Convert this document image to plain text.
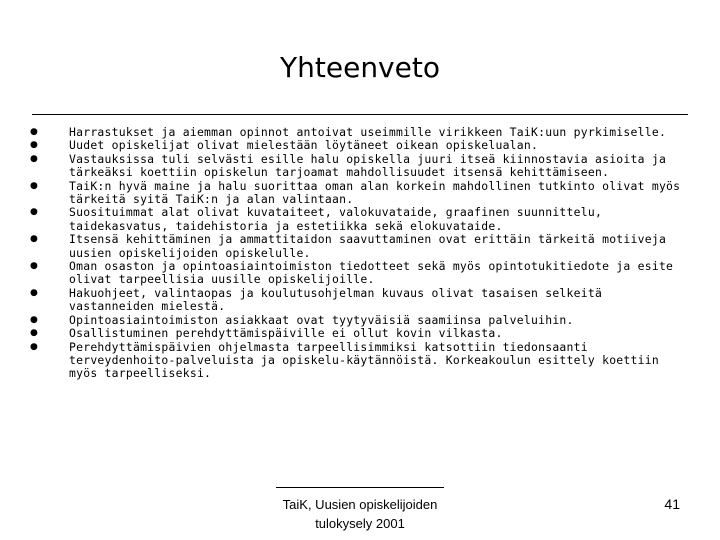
Yhteenveto
●	Harrastukset ja aiemman opinnot antoivat useimmille virikkeen TaiK:uun pyrkimiselle.
●	Uudet opiskelijat olivat mielestään löytäneet oikean opiskelualan.
●	Vastauksissa tuli selvästi esille halu opiskella juuri itseä kiinnostavia asioita ja tärkeäksi koettiin opiskelun tarjoamat mahdollisuudet itsensä kehittämiseen.
●	TaiK:n hyvä maine ja halu suorittaa oman alan korkein mahdollinen tutkinto olivat myös tärkeitä syitä TaiK:n ja alan valintaan.
●	Suosituimmat alat olivat kuvataiteet, valokuvataide, graafinen suunnittelu, taidekasvatus, taidehistoria ja estetiikka sekä elokuvataide.
●	Itsensä kehittäminen ja ammattitaidon saavuttaminen ovat erittäin tärkeitä motiiveja uusien opiskelijoiden opiskelulle.
●	Oman osaston ja opintoasiaintoimiston tiedotteet sekä myös opintotukitiedote ja esite olivat tarpeellisia uusille opiskelijoille.
●	Hakuohjeet, valintaopas ja koulutusohjelman kuvaus olivat tasaisen selkeitä vastanneiden mielestä.
●	Opintoasiaintoimiston asiakkaat ovat tyytyväisiä saamiinsa palveluihin.
●	Osallistuminen perehdyttämispäiville ei ollut kovin vilkasta.
●	Perehdyttämispäivien ohjelmasta tarpeellisimmiksi katsottiin tiedonsaanti terveydenhoito-palveluista ja opiskelu-käytännöistä. Korkeakoulun esittely koettiin myös tarpeelliseksi.
TaiK, Uusien opiskelijoiden
tulokysely 2001
41
